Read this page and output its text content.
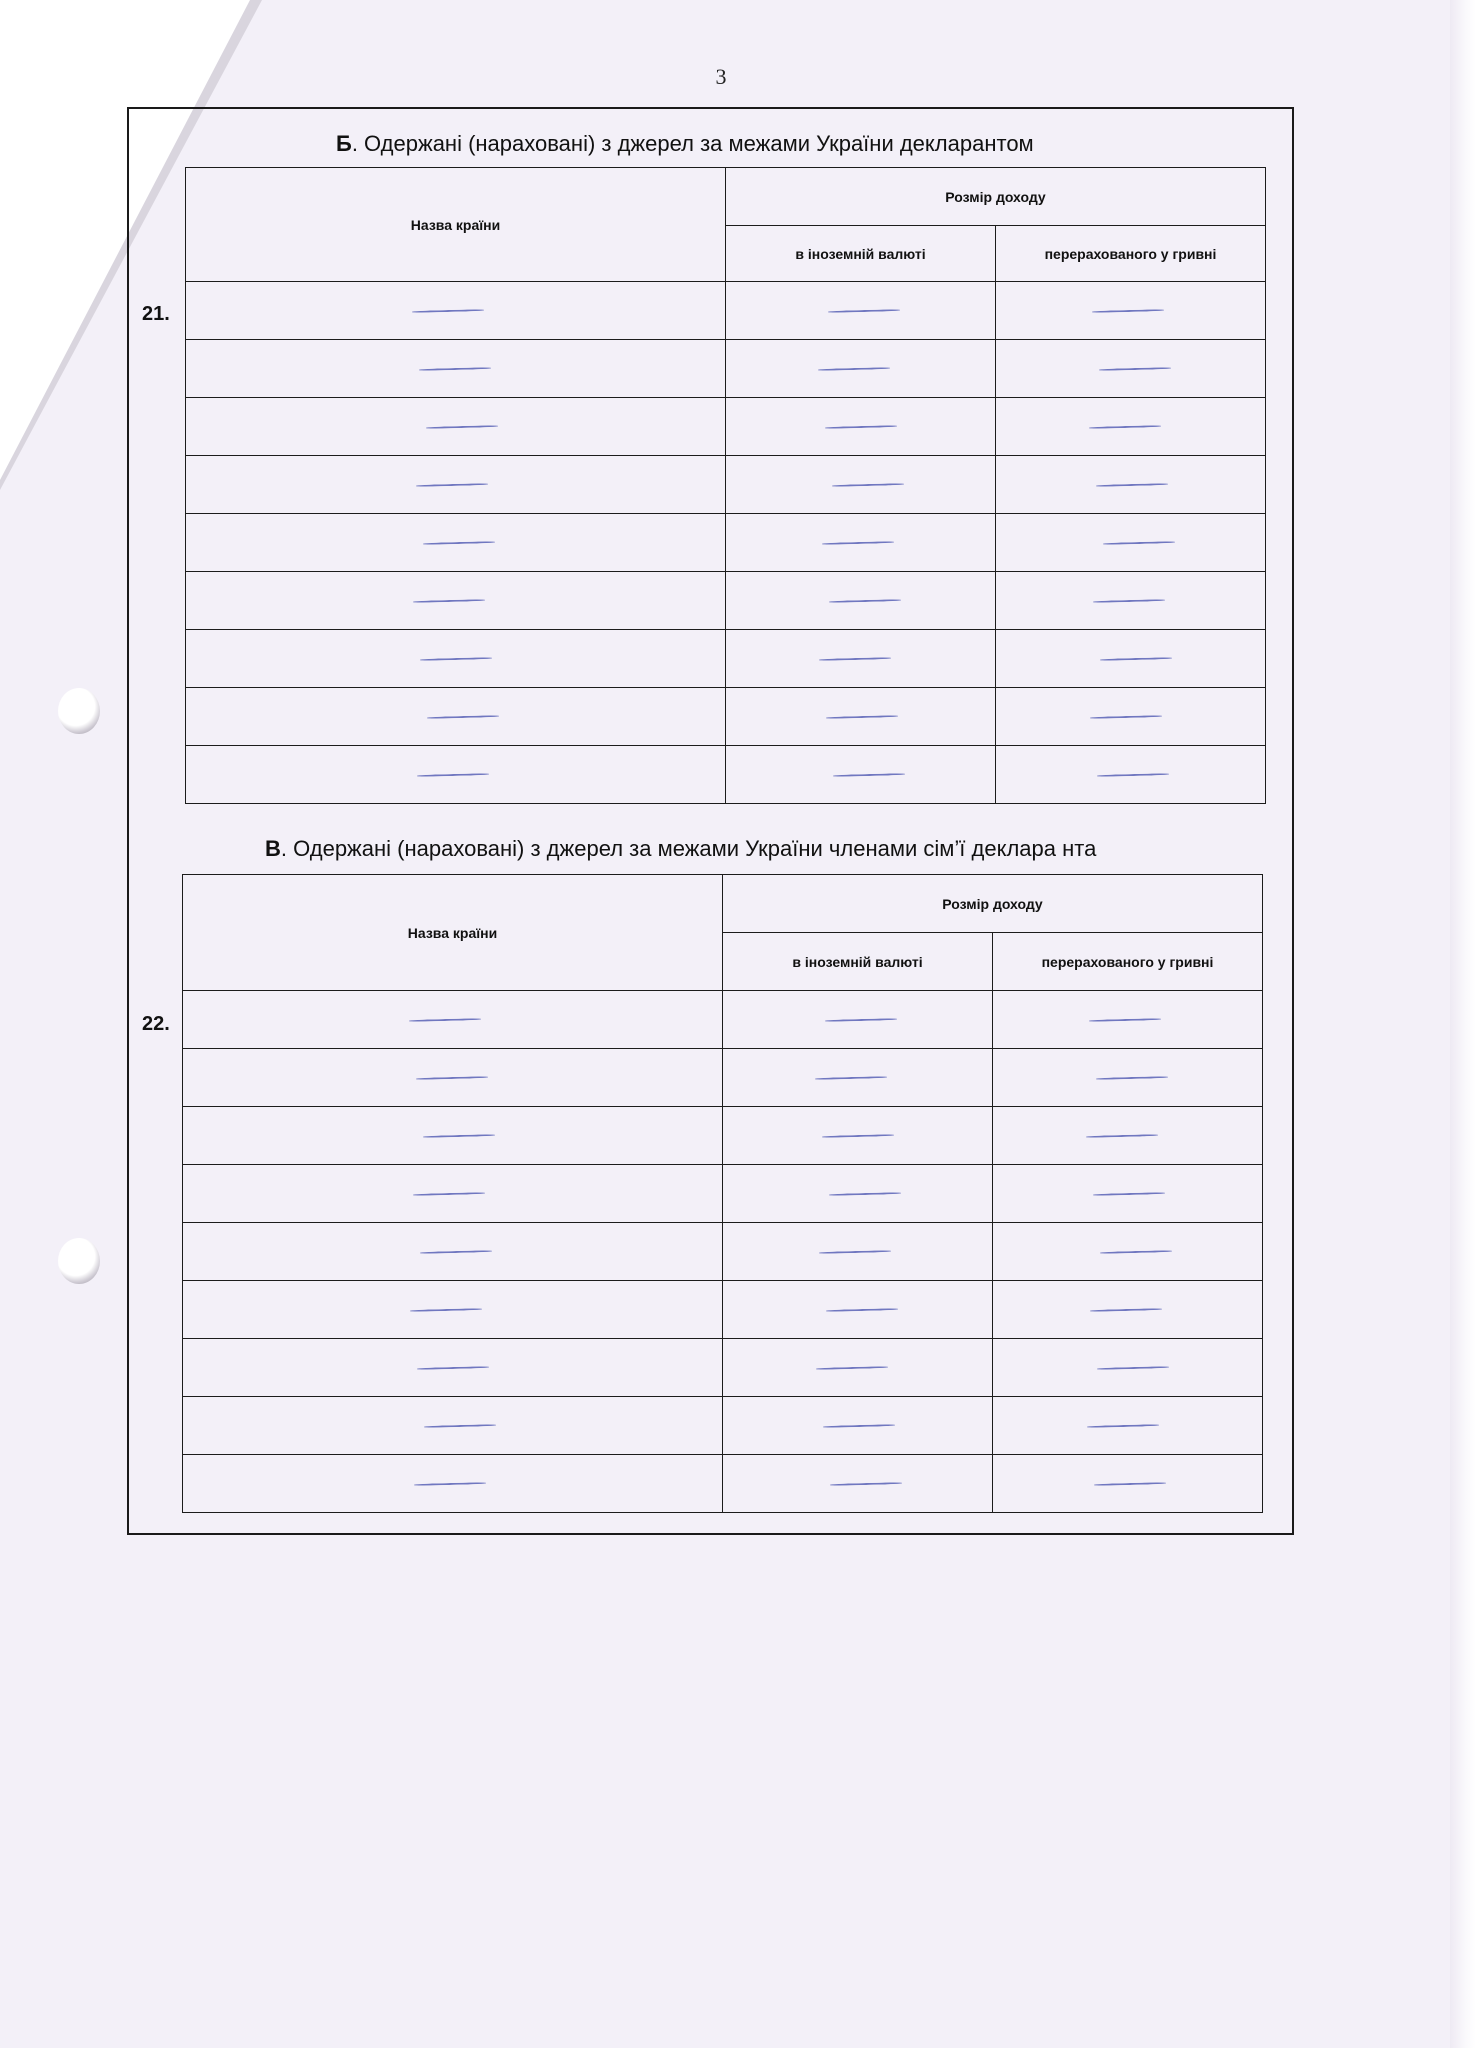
3
Б. Одержані (нараховані) з джерел за межами України декларантом
21.
Назва країни	Розмір доходу	
	в іноземній валюті	перерахованого у гривні

В. Одержані (нараховані) з джерел за межами України членами сім’ї деклара нта
22.
Назва країни	Розмір доходу	
	в іноземній валюті	перерахованого у гривні
